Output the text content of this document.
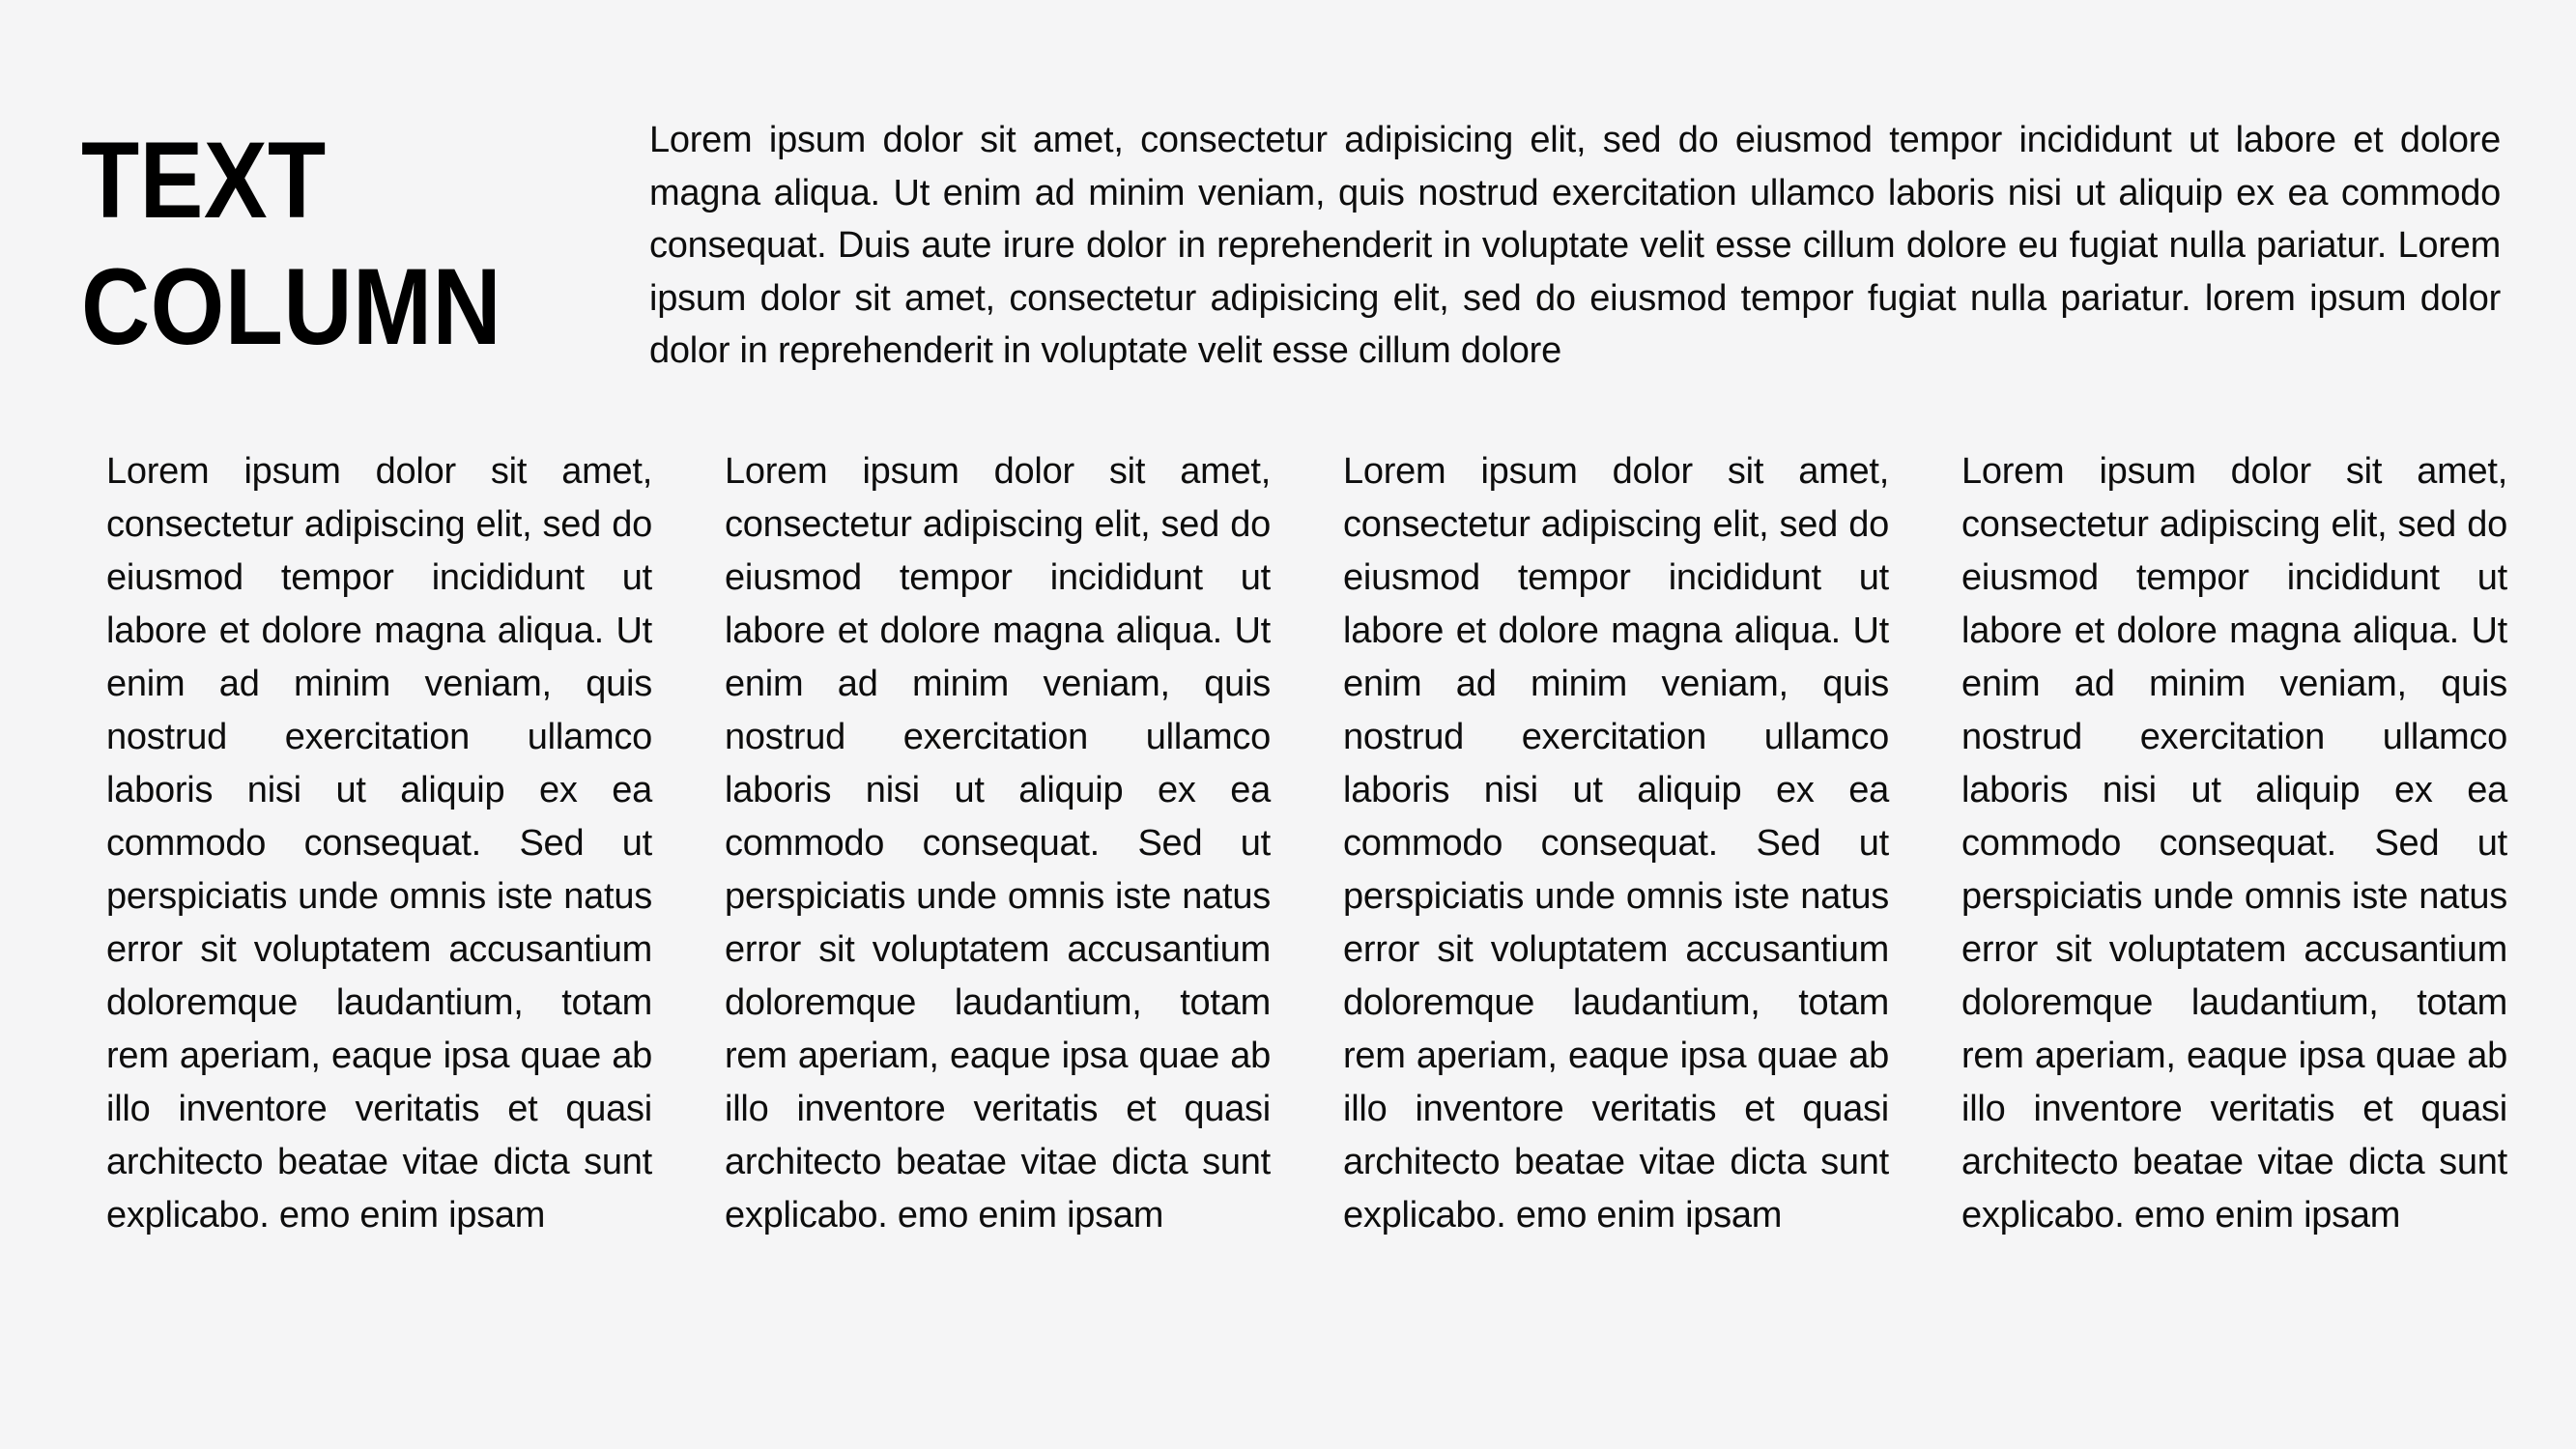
TEXT COLUMN

Lorem ipsum dolor sit amet, consectetur adipisicing elit, sed do eiusmod tempor incididunt ut labore et dolore magna aliqua. Ut enim ad minim veniam, quis nostrud exercitation ullamco laboris nisi ut aliquip ex ea commodo consequat. Duis aute irure dolor in reprehenderit in voluptate velit esse cillum dolore eu fugiat nulla pariatur. Lorem ipsum dolor sit amet, consectetur adipisicing elit, sed do eiusmod tempor fugiat nulla pariatur. lorem ipsum dolor dolor in reprehenderit in voluptate velit esse cillum dolore

Lorem ipsum dolor sit amet, consectetur adipiscing elit, sed do eiusmod tempor incididunt ut labore et dolore magna aliqua. Ut enim ad minim veniam, quis nostrud exercitation ullamco laboris nisi ut aliquip ex ea commodo consequat. Sed ut perspiciatis unde omnis iste natus error sit voluptatem accusantium doloremque laudantium, totam rem aperiam, eaque ipsa quae ab illo inventore veritatis et quasi architecto beatae vitae dicta sunt explicabo. emo enim ipsam

Lorem ipsum dolor sit amet, consectetur adipiscing elit, sed do eiusmod tempor incididunt ut labore et dolore magna aliqua. Ut enim ad minim veniam, quis nostrud exercitation ullamco laboris nisi ut aliquip ex ea commodo consequat. Sed ut perspiciatis unde omnis iste natus error sit voluptatem accusantium doloremque laudantium, totam rem aperiam, eaque ipsa quae ab illo inventore veritatis et quasi architecto beatae vitae dicta sunt explicabo. emo enim ipsam

Lorem ipsum dolor sit amet, consectetur adipiscing elit, sed do eiusmod tempor incididunt ut labore et dolore magna aliqua. Ut enim ad minim veniam, quis nostrud exercitation ullamco laboris nisi ut aliquip ex ea commodo consequat. Sed ut perspiciatis unde omnis iste natus error sit voluptatem accusantium doloremque laudantium, totam rem aperiam, eaque ipsa quae ab illo inventore veritatis et quasi architecto beatae vitae dicta sunt explicabo. emo enim ipsam

Lorem ipsum dolor sit amet, consectetur adipiscing elit, sed do eiusmod tempor incididunt ut labore et dolore magna aliqua. Ut enim ad minim veniam, quis nostrud exercitation ullamco laboris nisi ut aliquip ex ea commodo consequat. Sed ut perspiciatis unde omnis iste natus error sit voluptatem accusantium doloremque laudantium, totam rem aperiam, eaque ipsa quae ab illo inventore veritatis et quasi architecto beatae vitae dicta sunt explicabo. emo enim ipsam
